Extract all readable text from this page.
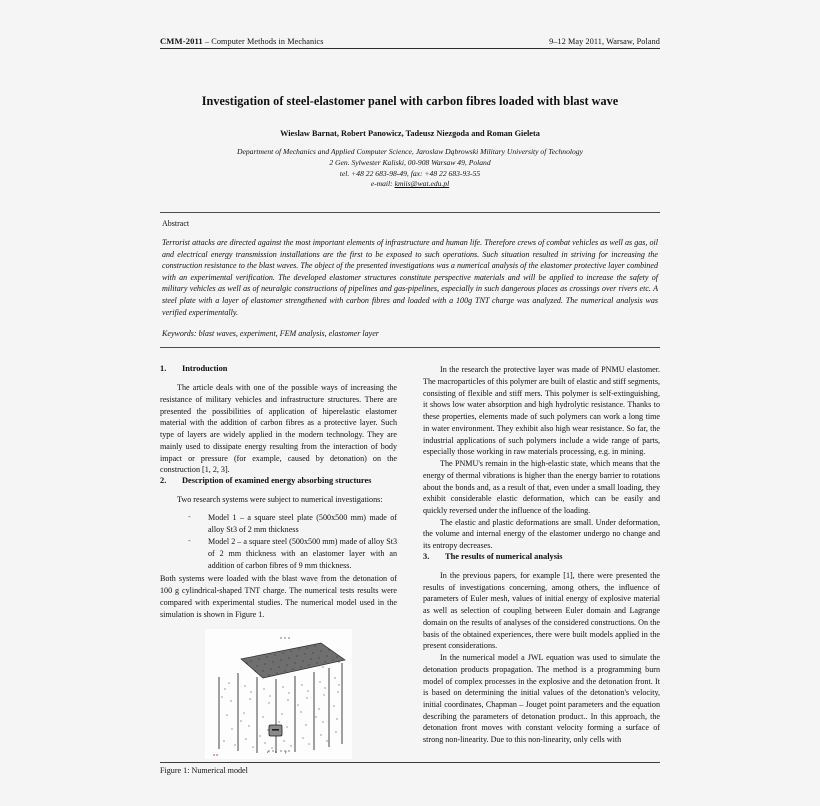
CMM-2011 – Computer Methods in Mechanics	9–12 May 2011, Warsaw, Poland
Investigation of steel-elastomer panel with carbon fibres loaded with blast wave
Wieslaw Barnat, Robert Panowicz, Tadeusz Niezgoda and Roman Gieleta
Department of Mechanics and Applied Computer Science, Jaroslaw Dąbrowski Military University of Technology
2 Gen. Sylwester Kaliski, 00-908 Warsaw 49, Poland
tel. +48 22 683-98-49, fax: +48 22 683-93-55
e-mail: kmiis@wat.edu.pl
Abstract

Terrorist attacks are directed against the most important elements of infrastructure and human life. Therefore crews of combat vehicles as well as gas, oil and electrical energy transmission installations are the first to be exposed to such operations. Such situation resulted in striving for increasing the construction resistance to the blast waves. The object of the presented investigations was a numerical analysis of the elastomer protective layer combined with an experimental verification. The developed elastomer structures constitute perspective materials and will be applied to increase the safety of military vehicles as well as of neuralgic constructions of pipelines and gas-pipelines, especially in such dangerous places as crossings over rivers etc. A steel plate with a layer of elastomer strengthened with carbon fibres and loaded with a 100g TNT charge was analyzed. The numerical analysis was verified experimentally.

Keywords: blast waves, experiment, FEM analysis, elastomer layer

1.	Introduction

The article deals with one of the possible ways of increasing the resistance of military vehicles and infrastructure structures. There are presented the possibilities of application of hiperelastic elastomer material with the addition of carbon fibres as a protective layer. Such type of layers are widely applied in the modern technology. They are mainly used to dissipate energy resulting from the interaction of body impact or pressure (for example, caused by detonation) on the construction [1, 2, 3].

2.	Description of examined energy absorbing structures

Two research systems were subject to numerical investigations:

- Model 1 – a square steel plate (500x500 mm) made of alloy St3 of 2 mm thickness
- Model 2 – a square steel (500x500 mm) made of alloy St3 of 2 mm thickness with an elastomer layer with an addition of carbon fibres of 9 mm thickness.

Both systems were loaded with the blast wave from the detonation of 100 g cylindrical-shaped TNT charge. The numerical tests results were compared with experimental studies. The numerical model used in the simulation is shown in Figure 1.

z x	y
Figure 1: Numerical model

In the research the protective layer was made of PNMU elastomer. The macroparticles of this polymer are built of elastic and stiff segments, consisting of flexible and stiff mers. This polymer is self-extinguishing, it shows low water absorption and high hydrolytic resistance. Thanks to these properties, elements made of such polymers can work a long time in water environment. They exhibit also high wear resistance. So far, the industrial applications of such polymers include a wide range of parts, especially those working in raw materials processing, e.g. in mining.

The PNMU's remain in the high-elastic state, which means that the energy of thermal vibrations is higher than the energy barrier to rotations about the bonds and, as a result of that, even under a small loading, they exhibit considerable elastic deformation, which can be easily and quickly reversed under the influence of the loading.

The elastic and plastic deformations are small. Under deformation, the volume and internal energy of the elastomer undergo no change and its entropy decreases.

3.	The results of numerical analysis

In the previous papers, for example [1], there were presented the results of investigations concerning, among others, the influence of parameters of Euler mesh, values of initial energy of explosive material as well as selection of coupling between Euler domain and Lagrange domain on the results of analyses of the considered constructions. On the basis of the obtained experiences, there were built models applied in the present considerations.

In the numerical model a JWL equation was used to simulate the detonation products propagation. The method is a programming burn model of complex processes in the explosive and the detonation front. It is based on determining the initial values of the detonation's velocity, initial coordinates, Chapman – Jouget point parameters and the equation describing the parameters of detonation product.. In this approach, the detonation front moves with constant velocity forming a surface of strong non-linearity. Due to this non-linearity, only cells with
